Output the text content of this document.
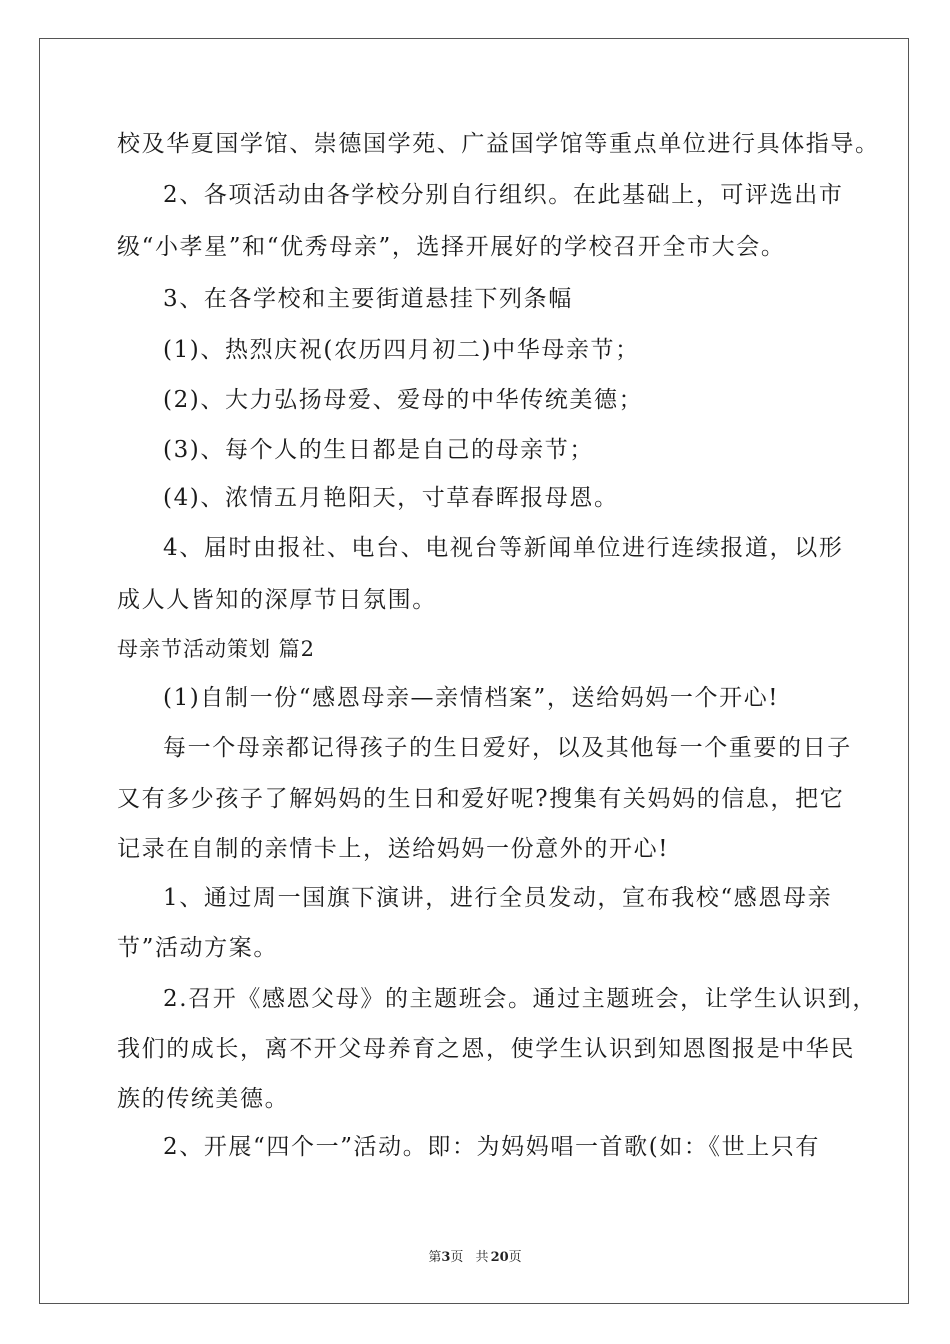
校及华夏国学馆、崇德国学苑、广益国学馆等重点单位进行具体指导。
2、各项活动由各学校分别自行组织。在此基础上，可评选出市
级“小孝星”和“优秀母亲”，选择开展好的学校召开全市大会。
3、在各学校和主要街道悬挂下列条幅
(1)、热烈庆祝(农历四月初二)中华母亲节；
(2)、大力弘扬母爱、爱母的中华传统美德；
(3)、每个人的生日都是自己的母亲节；
(4)、浓情五月艳阳天，寸草春晖报母恩。
4、届时由报社、电台、电视台等新闻单位进行连续报道，以形
成人人皆知的深厚节日氛围。
母亲节活动策划 篇2
(1)自制一份“感恩母亲—亲情档案”，送给妈妈一个开心!
每一个母亲都记得孩子的生日爱好，以及其他每一个重要的日子
又有多少孩子了解妈妈的生日和爱好呢?搜集有关妈妈的信息，把它
记录在自制的亲情卡上，送给妈妈一份意外的开心!
1、通过周一国旗下演讲，进行全员发动，宣布我校“感恩母亲
节”活动方案。
2.召开《感恩父母》的主题班会。通过主题班会，让学生认识到，
我们的成长，离不开父母养育之恩，使学生认识到知恩图报是中华民
族的传统美德。
2、开展“四个一”活动。即：为妈妈唱一首歌(如：《世上只有
第3页 共 20页
